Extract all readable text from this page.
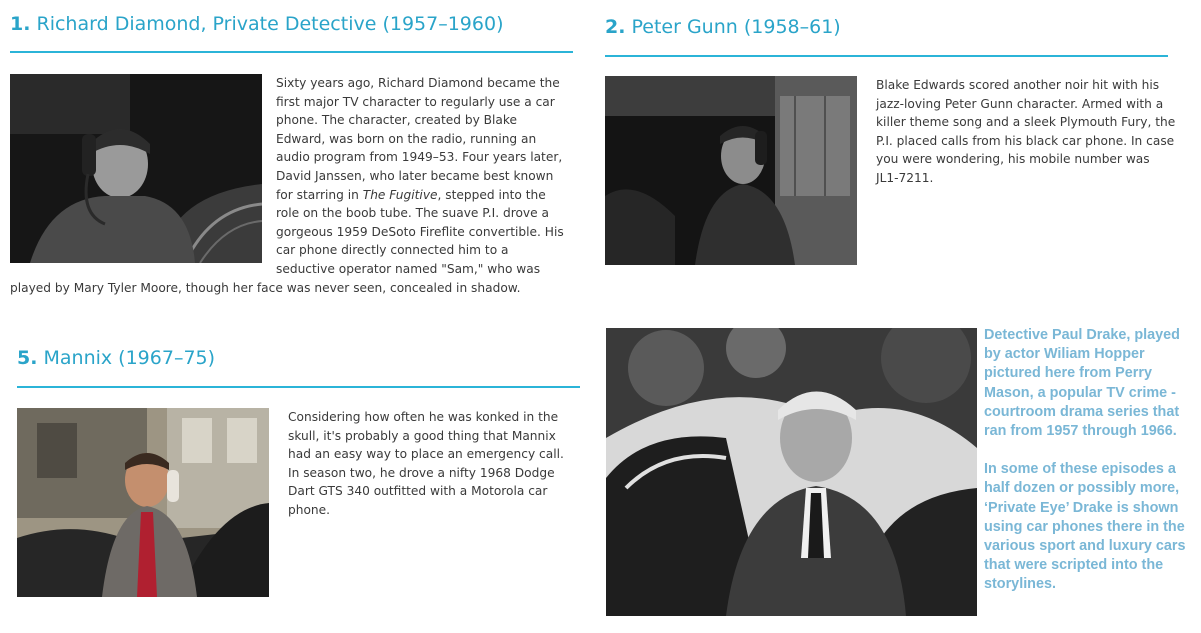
1. Richard Diamond, Private Detective (1957–1960)

Sixty years ago, Richard Diamond became the first major TV character to regularly use a car phone. The character, created by Blake Edward, was born on the radio, running an audio program from 1949–53. Four years later, David Janssen, who later became best known for starring in The Fugitive, stepped into the role on the boob tube. The suave P.I. drove a gorgeous 1959 DeSoto Fireflite convertible. His car phone directly connected him to a seductive operator named "Sam," who was played by Mary Tyler Moore, though her face was never seen, concealed in shadow.

2. Peter Gunn (1958–61)

Blake Edwards scored another noir hit with his jazz-loving Peter Gunn character. Armed with a killer theme song and a sleek Plymouth Fury, the P.I. placed calls from his black car phone. In case you were wondering, his mobile number was JL1-7211.

5. Mannix (1967–75)

Considering how often he was konked in the skull, it's probably a good thing that Mannix had an easy way to place an emergency call. In season two, he drove a nifty 1968 Dodge Dart GTS 340 outfitted with a Motorola car phone.

Detective Paul Drake, played by actor Wiliam Hopper pictured here from Perry Mason, a popular TV crime - courtroom drama series that ran from 1957 through 1966.

In some of these episodes a half dozen or possibly more, ‘Private Eye’ Drake is shown using car phones there in the various sport and luxury cars that were scripted into the storylines.
